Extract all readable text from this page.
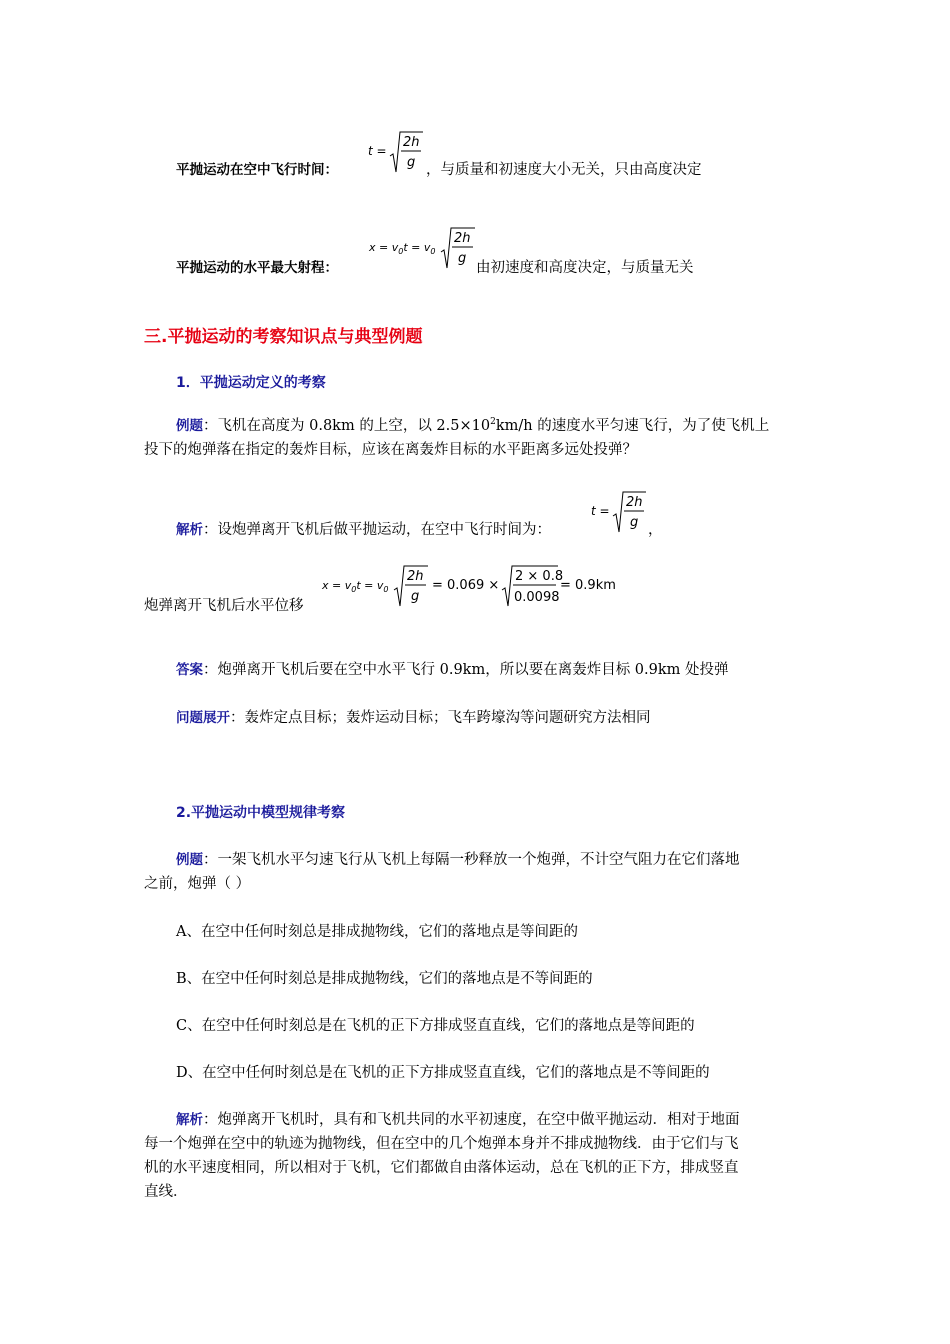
平抛运动在空中飞行时间：
t =
2h
g ，与质量和初速度大小无关，只由高度决定
平抛运动的水平最大射程：
$x = v_0t = v_0$
2h
g
由初速度和高度决定，与质量无关
三.平抛运动的考察知识点与典型例题
1．平抛运动定义的考察
例题：飞机在高度为 0.8km 的上空，以 $2.5\times 10^2km/h$ 的速度水平匀速飞行，为了使飞机上
投下的炮弹落在指定的轰炸目标，应该在离轰炸目标的水平距离多远处投弹？
解析：设炮弹离开飞机后做平抛运动，在空中飞行时间为：
t =
2h
g ，
炮弹离开飞机后水平位移
$x = v_0t = v_0$
2h
g
= 0.069 ×
2 × 0.8
0.0098
= 0.9km
答案：炮弹离开飞机后要在空中水平飞行 0.9km，所以要在离轰炸目标 0.9km 处投弹
问题展开：轰炸定点目标；轰炸运动目标；飞车跨壕沟等问题研究方法相同
2.平抛运动中模型规律考察
例题：一架飞机水平匀速飞行从飞机上每隔一秒释放一个炮弹，不计空气阻力在它们落地
之前，炮弹（ ）
A、在空中任何时刻总是排成抛物线，它们的落地点是等间距的
B、在空中任何时刻总是排成抛物线，它们的落地点是不等间距的
C、在空中任何时刻总是在飞机的正下方排成竖直直线，它们的落地点是等间距的
D、在空中任何时刻总是在飞机的正下方排成竖直直线，它们的落地点是不等间距的
解析：炮弹离开飞机时，具有和飞机共同的水平初速度，在空中做平抛运动．相对于地面
每一个炮弹在空中的轨迹为抛物线，但在空中的几个炮弹本身并不排成抛物线．由于它们与飞
机的水平速度相同，所以相对于飞机，它们都做自由落体运动，总在飞机的正下方，排成竖直
直线．
